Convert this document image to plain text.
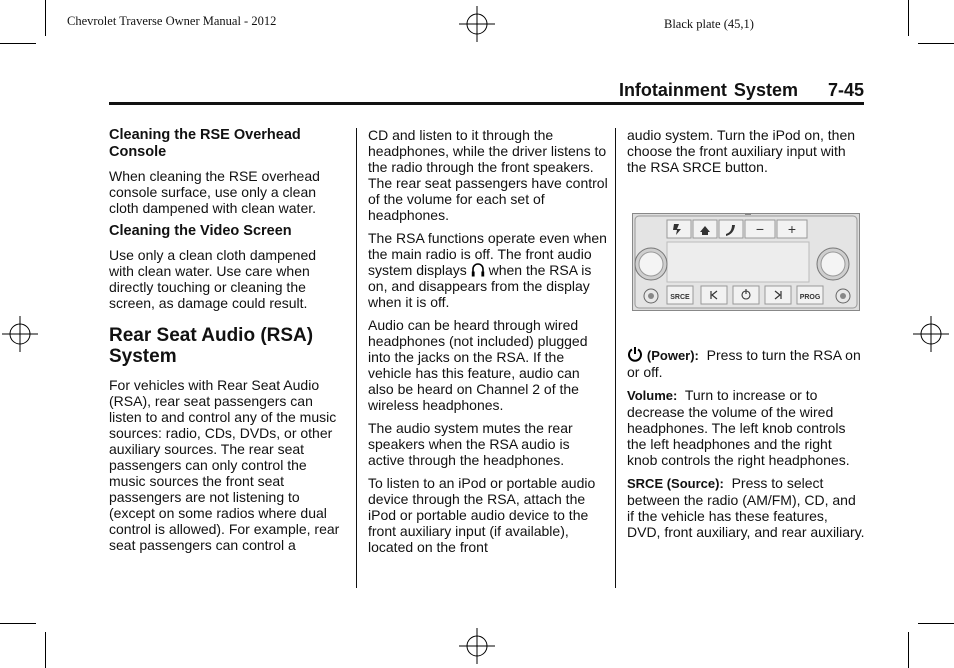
Chevrolet Traverse Owner Manual - 2012	Black plate (45,1)
Infotainment System 7-45
Cleaning the RSE Overhead Console

When cleaning the RSE overhead console surface, use only a clean cloth dampened with clean water.

Cleaning the Video Screen

Use only a clean cloth dampened with clean water. Use care when directly touching or cleaning the screen, as damage could result.

Rear Seat Audio (RSA) System

For vehicles with Rear Seat Audio (RSA), rear seat passengers can listen to and control any of the music sources: radio, CDs, DVDs, or other auxiliary sources. The rear seat passengers can only control the music sources the front seat passengers are not listening to (except on some radios where dual control is allowed). For example, rear seat passengers can control a

CD and listen to it through the headphones, while the driver listens to the radio through the front speakers. The rear seat passengers have control of the volume for each set of headphones.

The RSA functions operate even when the main radio is off. The front audio system displays when the RSA is on, and disappears from the display when it is off.

Audio can be heard through wired headphones (not included) plugged into the jacks on the RSA. If the vehicle has this feature, audio can also be heard on Channel 2 of the wireless headphones.

The audio system mutes the rear speakers when the RSA audio is active through the headphones.

To listen to an iPod or portable audio device through the RSA, attach the iPod or portable audio device to the front auxiliary input (if available), located on the front

audio system. Turn the iPod on, then choose the front auxiliary input with the RSA SRCE button.

− +
SRCE	PROG

(Power): Press to turn the RSA on or off.

Volume: Turn to increase or to decrease the volume of the wired headphones. The left knob controls the left headphones and the right knob controls the right headphones.

SRCE (Source): Press to select between the radio (AM/FM), CD, and if the vehicle has these features, DVD, front auxiliary, and rear auxiliary.
